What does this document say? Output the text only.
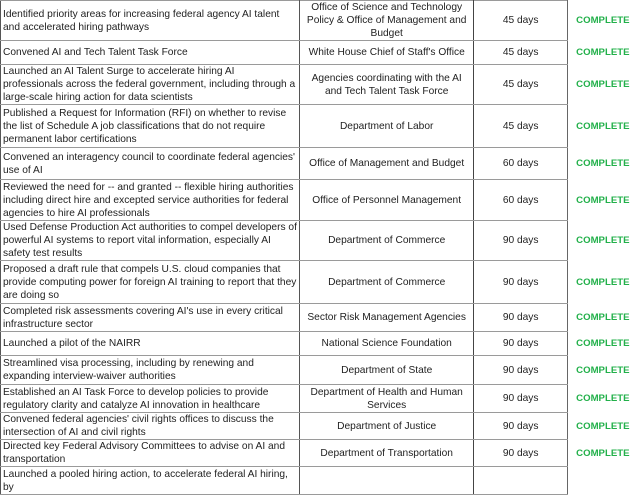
Identified priority areas for increasing federal agency AI talent and accelerated hiring pathways	Office of Science and Technology Policy & Office of Management and Budget	45 days	COMPLETE
Convened AI and Tech Talent Task Force	White House Chief of Staff's Office	45 days	COMPLETE
Launched an AI Talent Surge to accelerate hiring AI professionals across the federal government, including through a large-scale hiring action for data scientists	Agencies coordinating with the AI and Tech Talent Task Force	45 days	COMPLETE
Published a Request for Information (RFI) on whether to revise the list of Schedule A job classifications that do not require permanent labor certifications	Department of Labor	45 days	COMPLETE
Convened an interagency council to coordinate federal agencies' use of AI	Office of Management and Budget	60 days	COMPLETE
Reviewed the need for -- and granted -- flexible hiring authorities including direct hire and excepted service authorities for federal agencies to hire AI professionals	Office of Personnel Management	60 days	COMPLETE
Used Defense Production Act authorities to compel developers of powerful AI systems to report vital information, especially AI safety test results	Department of Commerce	90 days	COMPLETE
Proposed a draft rule that compels U.S. cloud companies that provide computing power for foreign AI training to report that they are doing so	Department of Commerce	90 days	COMPLETE
Completed risk assessments covering AI's use in every critical infrastructure sector	Sector Risk Management Agencies	90 days	COMPLETE
Launched a pilot of the NAIRR	National Science Foundation	90 days	COMPLETE
Streamlined visa processing, including by renewing and expanding interview-waiver authorities	Department of State	90 days	COMPLETE
Established an AI Task Force to develop policies to provide regulatory clarity and catalyze AI innovation in healthcare	Department of Health and Human Services	90 days	COMPLETE
Convened federal agencies' civil rights offices to discuss the intersection of AI and civil rights	Department of Justice	90 days	COMPLETE
Directed key Federal Advisory Committees to advise on AI and transportation	Department of Transportation	90 days	COMPLETE
Launched a pooled hiring action, to accelerate federal AI hiring, by			
